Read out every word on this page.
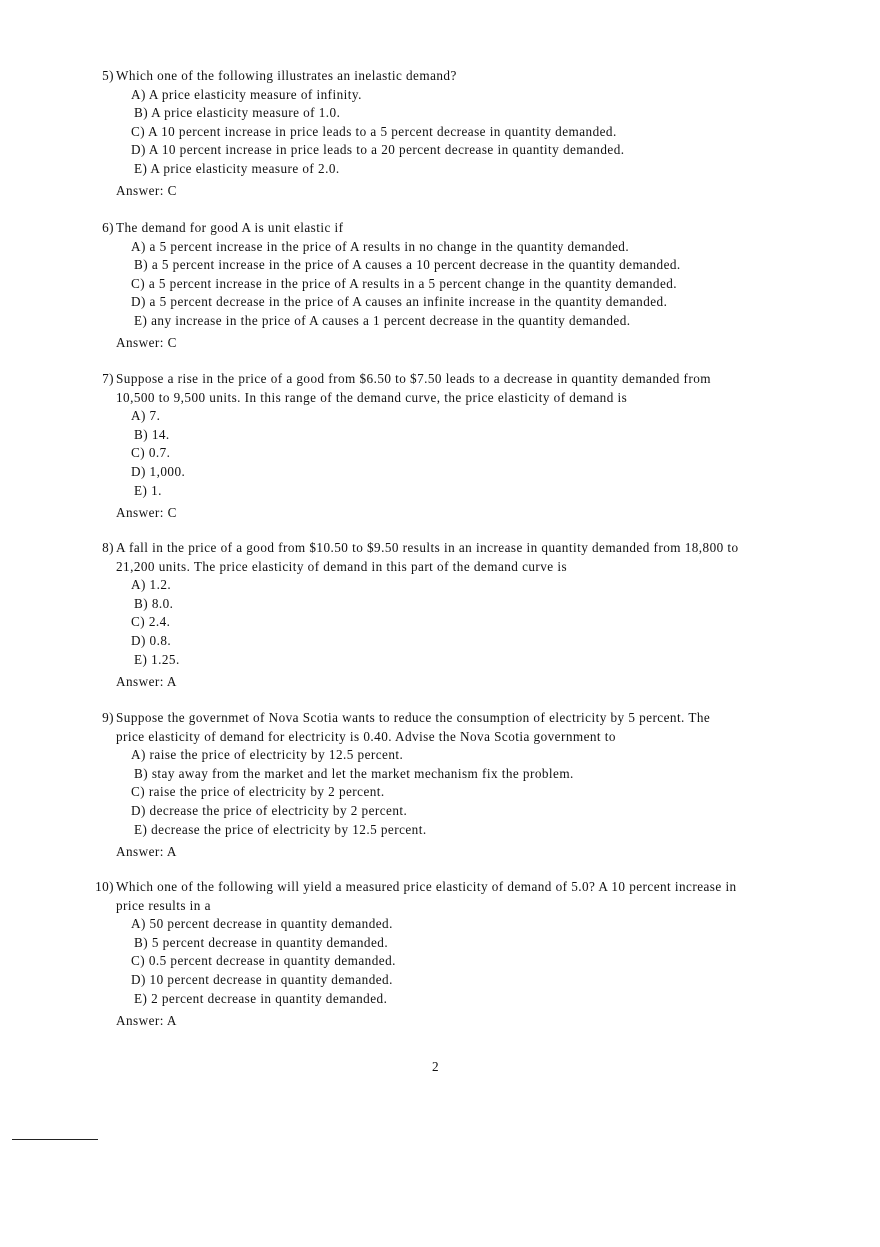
5) Which one of the following illustrates an inelastic demand?
A) A price elasticity measure of infinity.
B) A price elasticity measure of 1.0.
C) A 10 percent increase in price leads to a 5 percent decrease in quantity demanded.
D) A 10 percent increase in price leads to a 20 percent decrease in quantity demanded.
E) A price elasticity measure of 2.0.
Answer: C
6) The demand for good A is unit elastic if
A) a 5 percent increase in the price of A results in no change in the quantity demanded.
B) a 5 percent increase in the price of A causes a 10 percent decrease in the quantity demanded.
C) a 5 percent increase in the price of A results in a 5 percent change in the quantity demanded.
D) a 5 percent decrease in the price of A causes an infinite increase in the quantity demanded.
E) any increase in the price of A causes a 1 percent decrease in the quantity demanded.
Answer: C
7) Suppose a rise in the price of a good from $6.50 to $7.50 leads to a decrease in quantity demanded from
10,500 to 9,500 units. In this range of the demand curve, the price elasticity of demand is
A) 7.
B) 14.
C) 0.7.
D) 1,000.
E) 1.
Answer: C
8) A fall in the price of a good from $10.50 to $9.50 results in an increase in quantity demanded from 18,800 to
21,200 units. The price elasticity of demand in this part of the demand curve is
A) 1.2.
B) 8.0.
C) 2.4.
D) 0.8.
E) 1.25.
Answer: A
9) Suppose the governmet of Nova Scotia wants to reduce the consumption of electricity by 5 percent. The
price elasticity of demand for electricity is 0.40. Advise the Nova Scotia government to
A) raise the price of electricity by 12.5 percent.
B) stay away from the market and let the market mechanism fix the problem.
C) raise the price of electricity by 2 percent.
D) decrease the price of electricity by 2 percent.
E) decrease the price of electricity by 12.5 percent.
Answer: A
10) Which one of the following will yield a measured price elasticity of demand of 5.0? A 10 percent increase in
price results in a
A) 50 percent decrease in quantity demanded.
B) 5 percent decrease in quantity demanded.
C) 0.5 percent decrease in quantity demanded.
D) 10 percent decrease in quantity demanded.
E) 2 percent decrease in quantity demanded.
Answer: A
2
